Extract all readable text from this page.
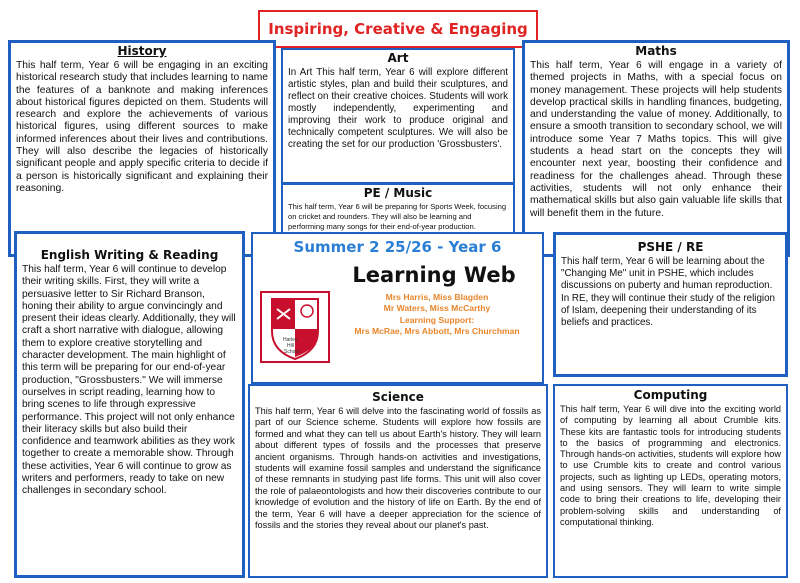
Inspiring, Creative & Engaging
History
This half term, Year 6 will be engaging in an exciting historical research study that includes learning to name the features of a banknote and making inferences about historical figures depicted on them. Students will research and explore the achievements of various historical figures, using different sources to make informed inferences about their lives and contributions. They will also describe the legacies of historically significant people and apply specific criteria to decide if a person is historically significant and explaining their reasoning.
Art
In Art This half term, Year 6 will explore different artistic styles, plan and build their sculptures, and reflect on their creative choices. Students will work mostly independently, experimenting and improving their work to produce original and technically competent sculptures. We will also be creating the set for our production 'Grossbusters'.
PE / Music
This half term, Year 6 will be preparing for Sports Week, focusing on cricket and rounders. They will also be learning and performing many songs for their end-of-year production.
Maths
This half term, Year 6 will engage in a variety of themed projects in Maths, with a special focus on money management. These projects will help students develop practical skills in handling finances, budgeting, and understanding the value of money. Additionally, to ensure a smooth transition to secondary school, we will introduce some Year 7 Maths topics. This will give students a head start on the concepts they will encounter next year, boosting their confidence and readiness for the challenges ahead. Through these activities, students will not only enhance their mathematical skills but also gain valuable life skills that will benefit them in the future.
English Writing & Reading
This half term, Year 6 will continue to develop their writing skills. First, they will write a persuasive letter to Sir Richard Branson, honing their ability to argue convincingly and present their ideas clearly. Additionally, they will craft a short narrative with dialogue, allowing them to explore creative storytelling and character development. The main highlight of this term will be preparing for our end-of-year production, "Grossbusters." We will immerse ourselves in script reading, learning how to bring scenes to life through expressive performance. This project will not only enhance their literacy skills but also build their confidence and teamwork abilities as they work together to create a memorable show. Through these activities, Year 6 will continue to grow as writers and performers, ready to take on new challenges in secondary school.
Summer 2 25/26 - Year 6
Learning Web
Harley
Hill
School
Mrs Harris, Miss Blagden
Mr Waters, Miss McCarthy
Learning Support:
Mrs McRae, Mrs Abbott, Mrs Churchman
PSHE / RE
This half term, Year 6 will be learning about the "Changing Me" unit in PSHE, which includes discussions on puberty and human reproduction. In RE, they will continue their study of the religion of Islam, deepening their understanding of its beliefs and practices.
Science
This half term, Year 6 will delve into the fascinating world of fossils as part of our Science scheme. Students will explore how fossils are formed and what they can tell us about Earth's history. They will learn about different types of fossils and the processes that preserve ancient organisms. Through hands-on activities and investigations, students will examine fossil samples and understand the significance of these remnants in studying past life forms. This unit will also cover the role of palaeontologists and how their discoveries contribute to our knowledge of evolution and the history of life on Earth. By the end of the term, Year 6 will have a deeper appreciation for the science of fossils and the stories they reveal about our planet's past.
Computing
This half term, Year 6 will dive into the exciting world of computing by learning all about Crumble kits. These kits are fantastic tools for introducing students to the basics of programming and electronics. Through hands-on activities, students will explore how to use Crumble kits to create and control various projects, such as lighting up LEDs, operating motors, and using sensors. They will learn to write simple code to bring their creations to life, developing their problem-solving skills and understanding of computational thinking.
